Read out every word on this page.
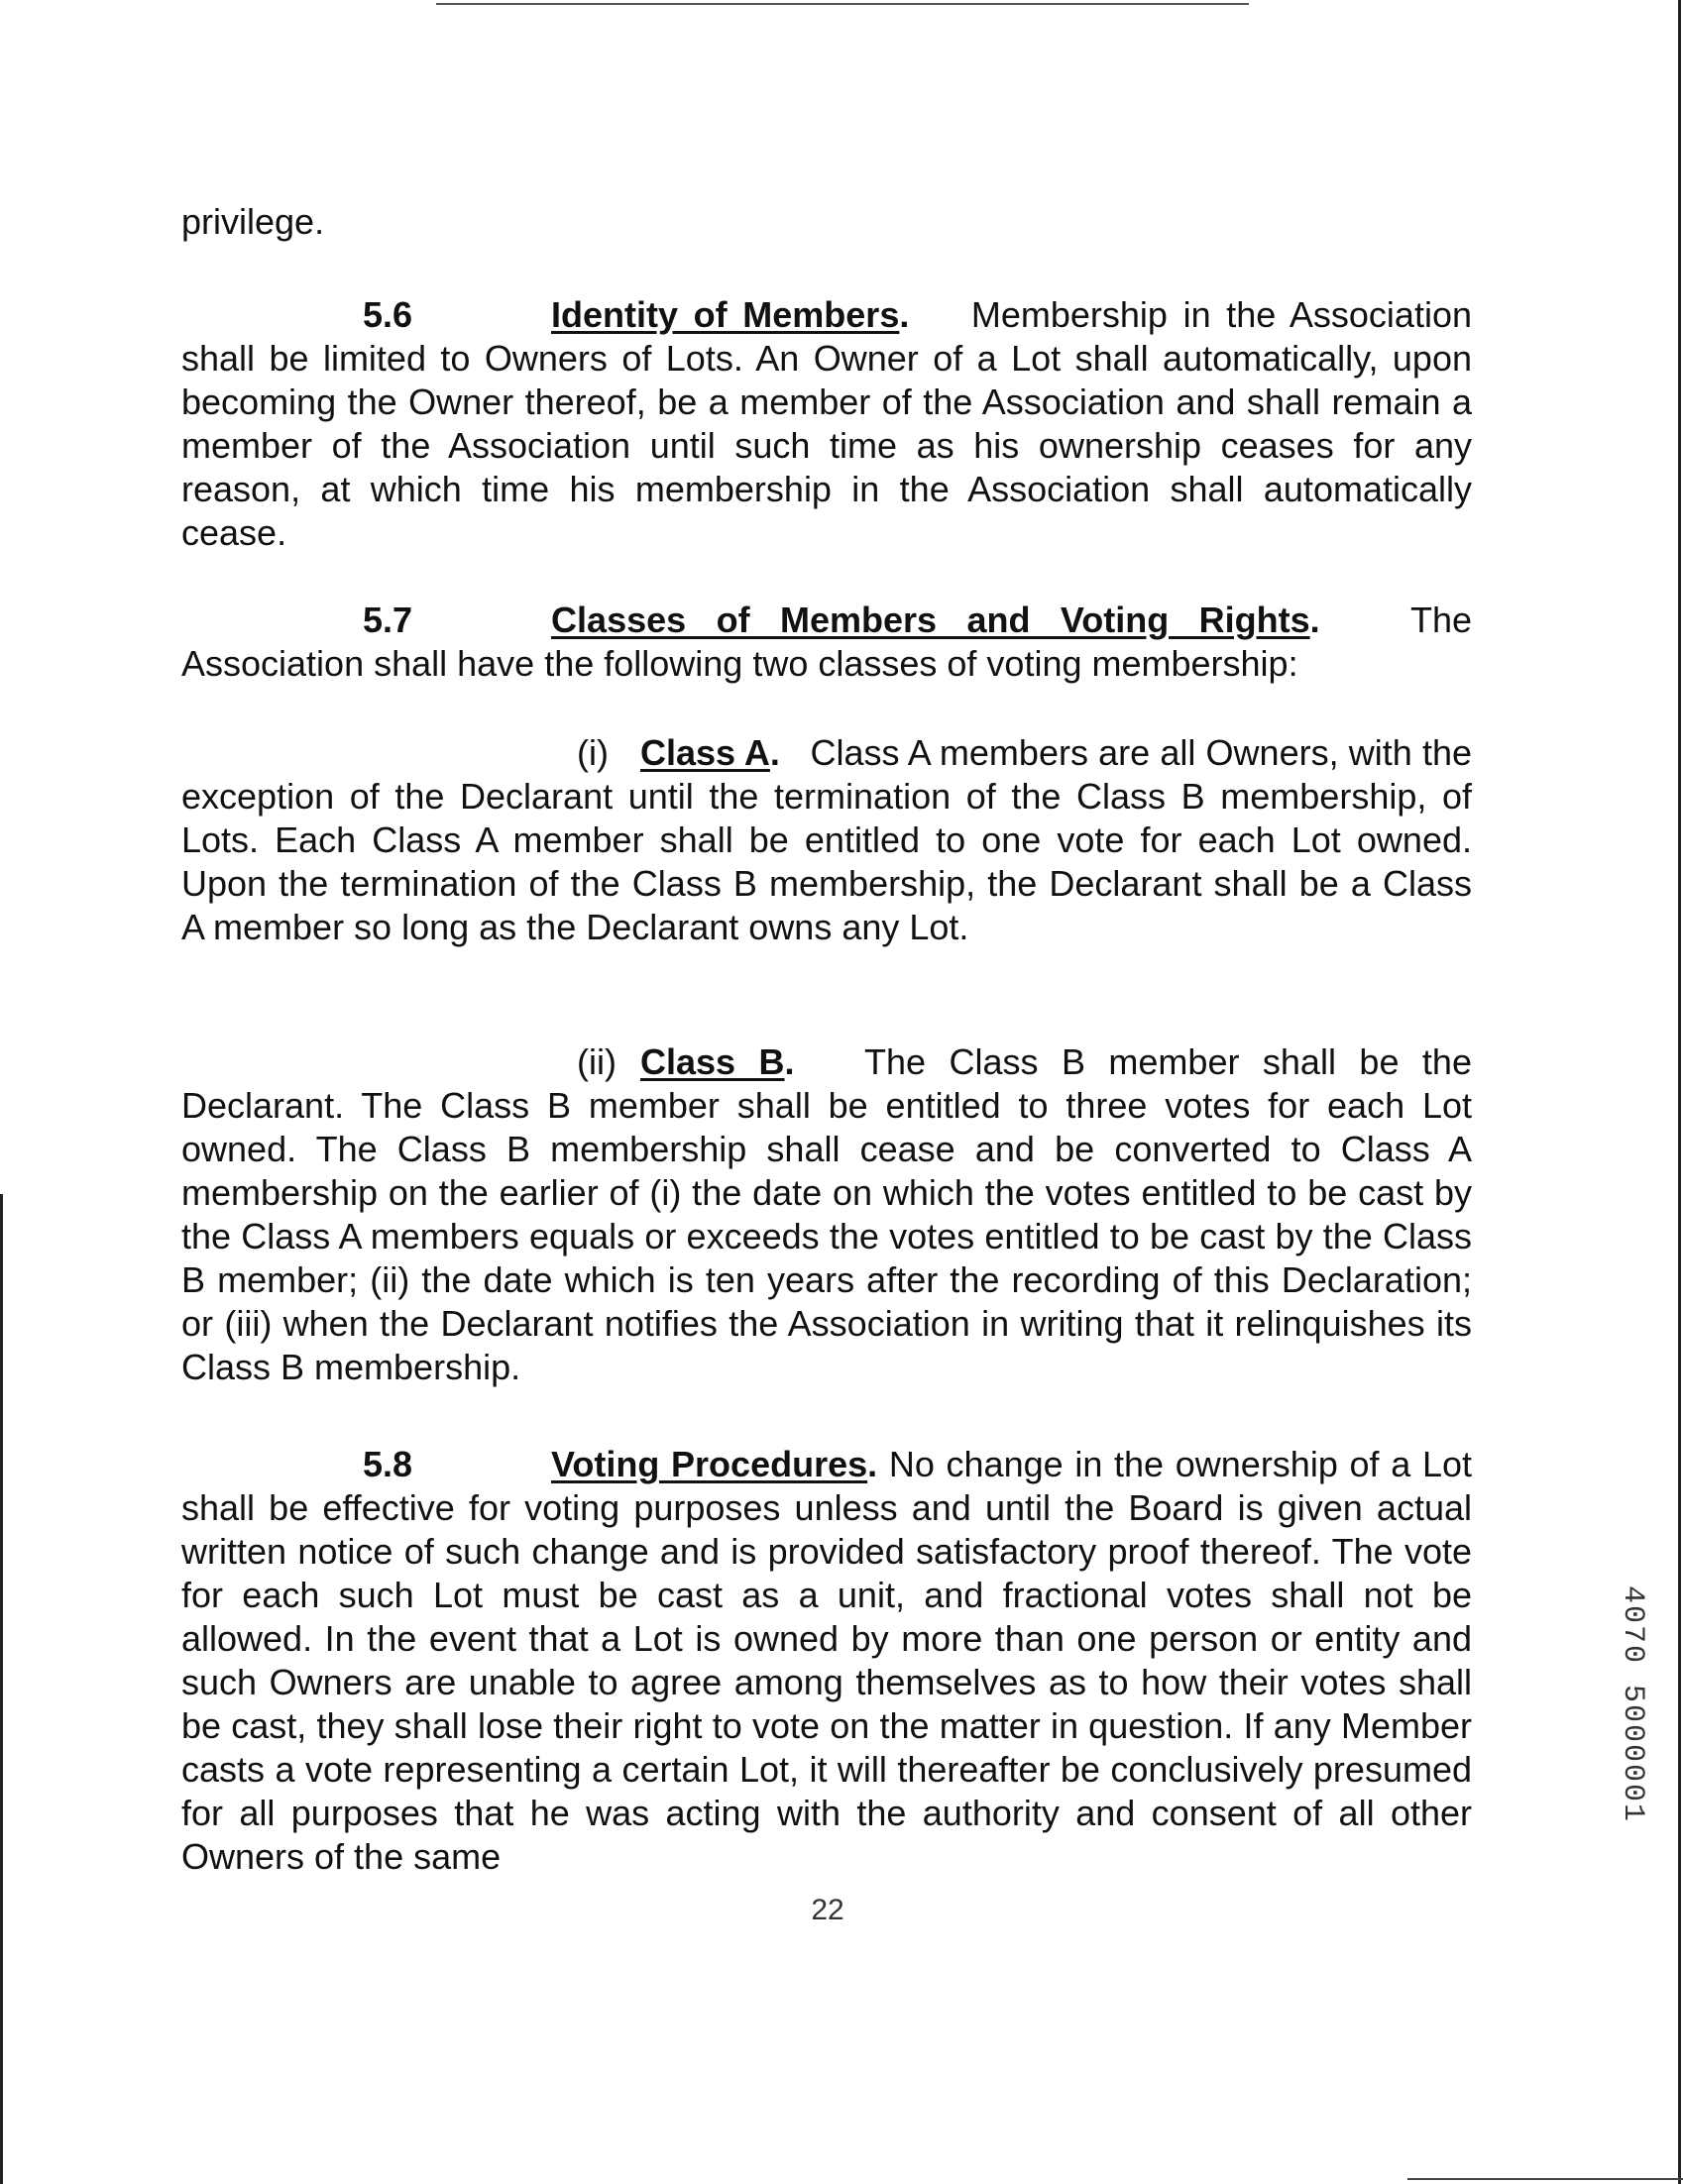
privilege.

5.6	Identity of Members. Membership in the Association shall be limited to Owners of Lots. An Owner of a Lot shall automatically, upon becoming the Owner thereof, be a member of the Association and shall remain a member of the Association until such time as his ownership ceases for any reason, at which time his membership in the Association shall automatically cease.

5.7	Classes of Members and Voting Rights.	The Association shall have the following two classes of voting membership:

(i) Class A. Class A members are all Owners, with the exception of the Declarant until the termination of the Class B membership, of Lots. Each Class A member shall be entitled to one vote for each Lot owned. Upon the termination of the Class B membership, the Declarant shall be a Class A member so long as the Declarant owns any Lot.

(ii) Class B. The Class B member shall be the Declarant. The Class B member shall be entitled to three votes for each Lot owned. The Class B membership shall cease and be converted to Class A membership on the earlier of (i) the date on which the votes entitled to be cast by the Class A members equals or exceeds the votes entitled to be cast by the Class B member; (ii) the date which is ten years after the recording of this Declaration; or (iii) when the Declarant notifies the Association in writing that it relinquishes its Class B membership.

5.8	Voting Procedures. No change in the ownership of a Lot shall be effective for voting purposes unless and until the Board is given actual written notice of such change and is provided satisfactory proof thereof. The vote for each such Lot must be cast as a unit, and fractional votes shall not be allowed. In the event that a Lot is owned by more than one person or entity and such Owners are unable to agree among themselves as to how their votes shall be cast, they shall lose their right to vote on the matter in question. If any Member casts a vote representing a certain Lot, it will thereafter be conclusively presumed for all purposes that he was acting with the authority and consent of all other Owners of the same

22
4070 5000001
